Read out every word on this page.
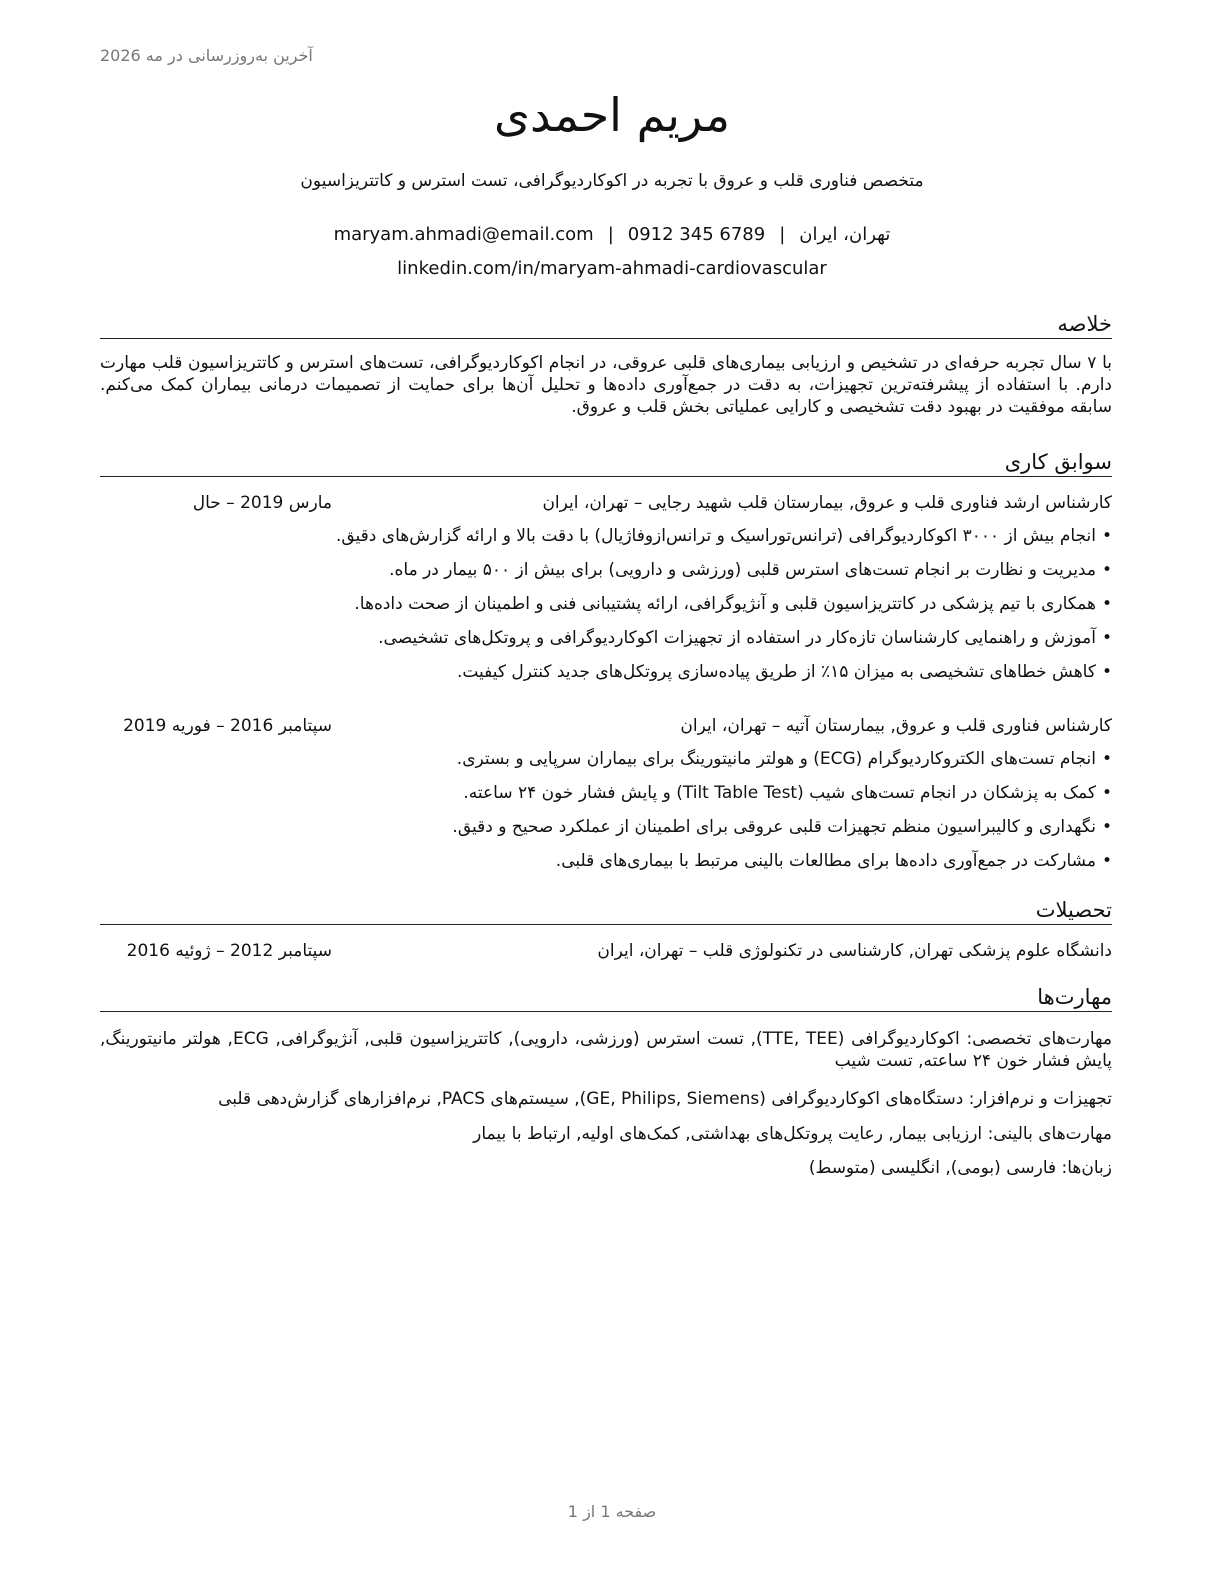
آخرین به‌روزرسانی در مه 2026
مریم احمدی
متخصص فناوری قلب و عروق با تجربه در اکوکاردیوگرافی، تست استرس و کاتتریزاسیون
تهران، ایران|maryam.ahmadi@email.com | 0912 345 6789
linkedin.com/in/maryam-ahmadi-cardiovascular
خلاصه
با ۷ سال تجربه حرفه‌ای در تشخیص و ارزیابی بیماری‌های قلبی عروقی، در انجام اکوکاردیوگرافی، تست‌های استرس و کاتتریزاسیون قلب مهارت دارم. با استفاده از پیشرفته‌ترین تجهیزات، به دقت در جمع‌آوری داده‌ها و تحلیل آن‌ها برای حمایت از تصمیمات درمانی بیماران کمک می‌کنم. سابقه موفقیت در بهبود دقت تشخیصی و کارایی عملیاتی بخش قلب و عروق.
سوابق کاری
کارشناس ارشد فناوری قلب و عروق, بیمارستان قلب شهید رجایی – تهران، ایران
مارس 2019 – حال
• انجام بیش از ۳۰۰۰ اکوکاردیوگرافی (ترانس‌توراسیک و ترانس‌ازوفاژیال) با دقت بالا و ارائه گزارش‌های دقیق.
• مدیریت و نظارت بر انجام تست‌های استرس قلبی (ورزشی و دارویی) برای بیش از ۵۰۰ بیمار در ماه.
• همکاری با تیم پزشکی در کاتتریزاسیون قلبی و آنژیوگرافی، ارائه پشتیبانی فنی و اطمینان از صحت داده‌ها.
• آموزش و راهنمایی کارشناسان تازه‌کار در استفاده از تجهیزات اکوکاردیوگرافی و پروتکل‌های تشخیصی.
• کاهش خطاهای تشخیصی به میزان ۱۵٪ از طریق پیاده‌سازی پروتکل‌های جدید کنترل کیفیت.
کارشناس فناوری قلب و عروق, بیمارستان آتیه – تهران، ایران
سپتامبر 2016 – فوریه 2019
• انجام تست‌های الکتروکاردیوگرام (ECG) و هولتر مانیتورینگ برای بیماران سرپایی و بستری.
• کمک به پزشکان در انجام تست‌های شیب (Tilt Table Test) و پایش فشار خون ۲۴ ساعته.
• نگهداری و کالیبراسیون منظم تجهیزات قلبی عروقی برای اطمینان از عملکرد صحیح و دقیق.
• مشارکت در جمع‌آوری داده‌ها برای مطالعات بالینی مرتبط با بیماری‌های قلبی.
تحصیلات
دانشگاه علوم پزشکی تهران, کارشناسی در تکنولوژی قلب – تهران، ایران
سپتامبر 2012 – ژوئیه 2016
مهارت‌ها
مهارت‌های تخصصی: اکوکاردیوگرافی (TTE, TEE), تست استرس (ورزشی، دارویی), کاتتریزاسیون قلبی, آنژیوگرافی, ECG, هولتر مانیتورینگ, پایش فشار خون ۲۴ ساعته, تست شیب
تجهیزات و نرم‌افزار: دستگاه‌های اکوکاردیوگرافی (GE, Philips, Siemens), سیستم‌های PACS, نرم‌افزارهای گزارش‌دهی قلبی
مهارت‌های بالینی: ارزیابی بیمار, رعایت پروتکل‌های بهداشتی, کمک‌های اولیه, ارتباط با بیمار
زبان‌ها: فارسی (بومی), انگلیسی (متوسط)
صفحه 1 از 1
